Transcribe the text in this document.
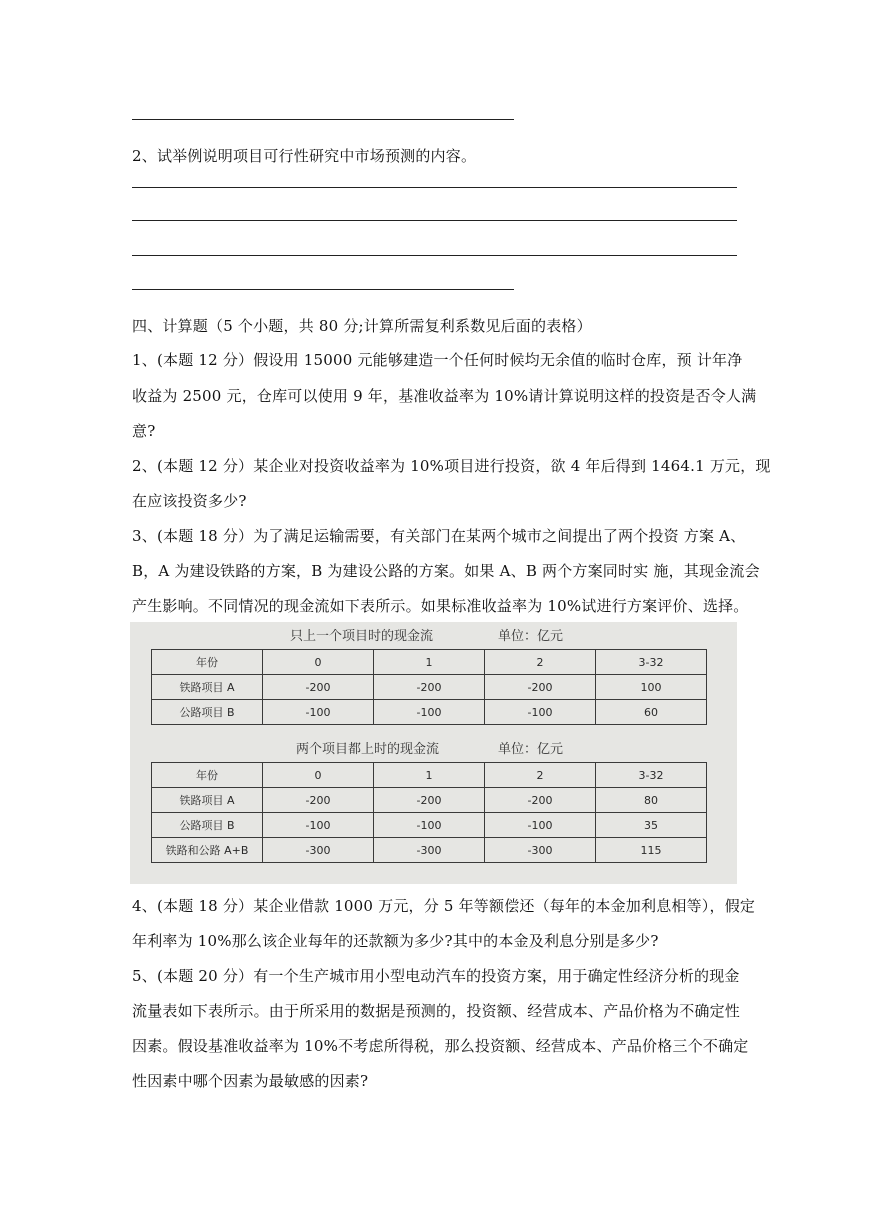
2、试举例说明项目可行性研究中市场预测的内容。
四、计算题（5 个小题，共 80 分;计算所需复利系数见后面的表格）
1、(本题 12 分）假设用 15000 元能够建造一个任何时候均无余值的临时仓库，预 计年净
收益为 2500 元，仓库可以使用 9 年，基准收益率为 10%请计算说明这样的投资是否令人满
意?
2、(本题 12 分）某企业对投资收益率为 10%项目进行投资，欲 4 年后得到 1464.1 万元，现
在应该投资多少?
3、(本题 18 分）为了满足运输需要，有关部门在某两个城市之间提出了两个投资 方案 A、
B，A 为建设铁路的方案，B 为建设公路的方案。如果 A、B 两个方案同时实 施，其现金流会
产生影响。不同情况的现金流如下表所示。如果标准收益率为 10%试进行方案评价、选择。
只上一个项目时的现金流	单位：亿元
年份	0	1	2	3-32
铁路项目 A	-200	-200	-200	100
公路项目 B	-100	-100	-100	60
两个项目都上时的现金流	单位：亿元
年份	0	1	2	3-32
铁路项目 A	-200	-200	-200	80
公路项目 B	-100	-100	-100	35
铁路和公路 A+B	-300	-300	-300	115
4、(本题 18 分）某企业借款 1000 万元，分 5 年等额偿还（每年的本金加利息相等），假定
年利率为 10%那么该企业每年的还款额为多少?其中的本金及利息分别是多少?
5、(本题 20 分）有一个生产城市用小型电动汽车的投资方案，用于确定性经济分析的现金
流量表如下表所示。由于所采用的数据是预测的，投资额、经营成本、产品价格为不确定性
因素。假设基准收益率为 10%不考虑所得税，那么投资额、经营成本、产品价格三个不确定
性因素中哪个因素为最敏感的因素?
